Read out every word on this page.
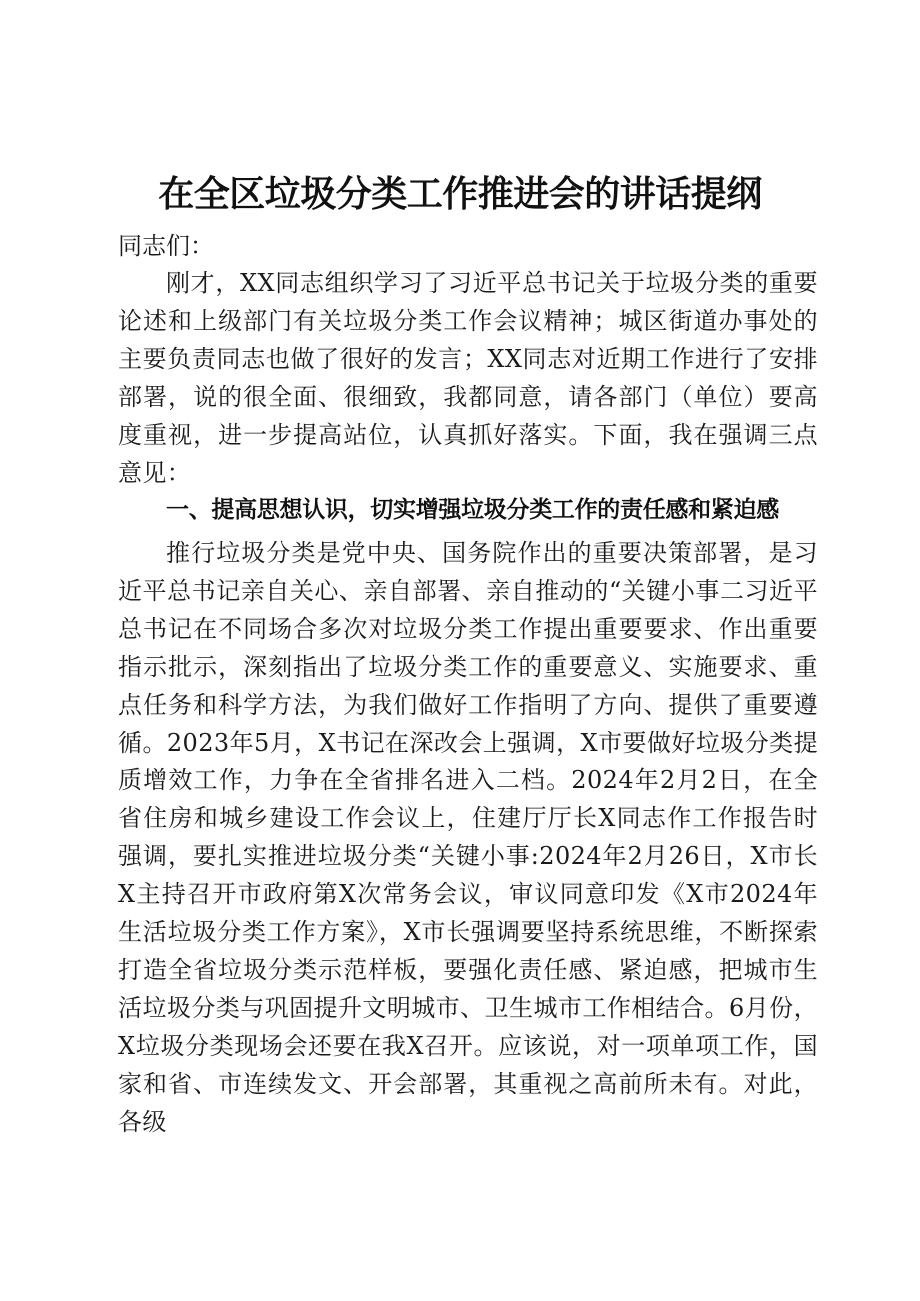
在全区垃圾分类工作推进会的讲话提纲
同志们：

刚才，XX同志组织学习了习近平总书记关于垃圾分类的重要论述和上级部门有关垃圾分类工作会议精神；城区街道办事处的主要负责同志也做了很好的发言；XX同志对近期工作进行了安排部署，说的很全面、很细致，我都同意，请各部门（单位）要高度重视，进一步提高站位，认真抓好落实。下面，我在强调三点意见：

一、提高思想认识，切实增强垃圾分类工作的责任感和紧迫感

推行垃圾分类是党中央、国务院作出的重要决策部署，是习近平总书记亲自关心、亲自部署、亲自推动的“关键小事二习近平总书记在不同场合多次对垃圾分类工作提出重要要求、作出重要指示批示，深刻指出了垃圾分类工作的重要意义、实施要求、重点任务和科学方法，为我们做好工作指明了方向、提供了重要遵循。2023年5月，X书记在深改会上强调，X市要做好垃圾分类提质增效工作，力争在全省排名进入二档。2024年2月2日，在全省住房和城乡建设工作会议上，住建厅厅长X同志作工作报告时强调，要扎实推进垃圾分类“关键小事:2024年2月26日，X市长X主持召开市政府第X次常务会议，审议同意印发《X市2024年生活垃圾分类工作方案》，X市长强调要坚持系统思维，不断探索打造全省垃圾分类示范样板，要强化责任感、紧迫感，把城市生活垃圾分类与巩固提升文明城市、卫生城市工作相结合。6月份，X垃圾分类现场会还要在我X召开。应该说，对一项单项工作，国家和省、市连续发文、开会部署，其重视之高前所未有。对此，各级
